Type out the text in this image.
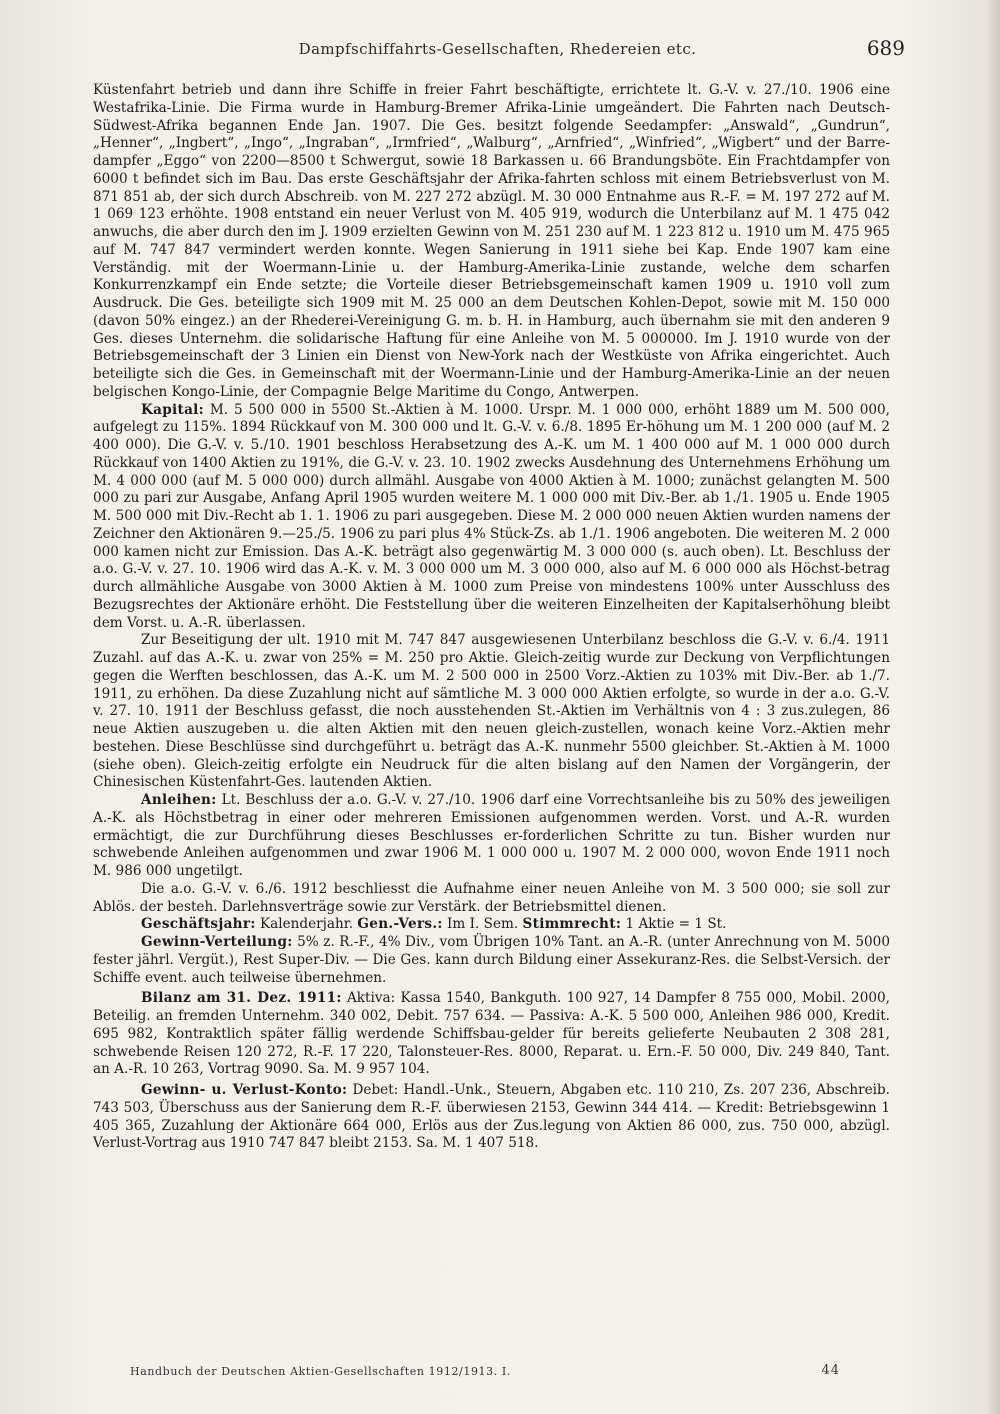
Dampfschiffahrts-Gesellschaften, Rhedereien etc.	689

Küstenfahrt betrieb und dann ihre Schiffe in freier Fahrt beschäftigte, errichtete lt. G.-V. v. 27./10. 1906 eine Westafrika-Linie. Die Firma wurde in Hamburg-Bremer Afrika-Linie umgeändert. Die Fahrten nach Deutsch-Südwest-Afrika begannen Ende Jan. 1907. Die Ges. besitzt folgende Seedampfer: „Answald“, „Gundrun“, „Henner“, „Ingbert“, „Ingo“, „Ingraban“, „Irmfried“, „Walburg“, „Arnfried“, „Winfried“, „Wigbert“ und der Barre-dampfer „Eggo“ von 2200—8500 t Schwergut, sowie 18 Barkassen u. 66 Brandungsböte. Ein Frachtdampfer von 6000 t befindet sich im Bau. Das erste Geschäftsjahr der Afrika-fahrten schloss mit einem Betriebsverlust von M. 871 851 ab, der sich durch Abschreib. von M. 227 272 abzügl. M. 30 000 Entnahme aus R.-F. = M. 197 272 auf M. 1 069 123 erhöhte. 1908 entstand ein neuer Verlust von M. 405 919, wodurch die Unterbilanz auf M. 1 475 042 anwuchs, die aber durch den im J. 1909 erzielten Gewinn von M. 251 230 auf M. 1 223 812 u. 1910 um M. 475 965 auf M. 747 847 vermindert werden konnte. Wegen Sanierung in 1911 siehe bei Kap. Ende 1907 kam eine Verständig. mit der Woermann-Linie u. der Hamburg-Amerika-Linie zustande, welche dem scharfen Konkurrenzkampf ein Ende setzte; die Vorteile dieser Betriebsgemeinschaft kamen 1909 u. 1910 voll zum Ausdruck. Die Ges. beteiligte sich 1909 mit M. 25 000 an dem Deutschen Kohlen-Depot, sowie mit M. 150 000 (davon 50% eingez.) an der Rhederei-Vereinigung G. m. b. H. in Hamburg, auch übernahm sie mit den anderen 9 Ges. dieses Unternehm. die solidarische Haftung für eine Anleihe von M. 5 000000. Im J. 1910 wurde von der Betriebsgemeinschaft der 3 Linien ein Dienst von New-York nach der Westküste von Afrika eingerichtet. Auch beteiligte sich die Ges. in Gemeinschaft mit der Woermann-Linie und der Hamburg-Amerika-Linie an der neuen belgischen Kongo-Linie, der Compagnie Belge Maritime du Congo, Antwerpen.

Kapital: M. 5 500 000 in 5500 St.-Aktien à M. 1000. Urspr. M. 1 000 000, erhöht 1889 um M. 500 000, aufgelegt zu 115%. 1894 Rückkauf von M. 300 000 und lt. G.-V. v. 6./8. 1895 Er-höhung um M. 1 200 000 (auf M. 2 400 000). Die G.-V. v. 5./10. 1901 beschloss Herabsetzung des A.-K. um M. 1 400 000 auf M. 1 000 000 durch Rückkauf von 1400 Aktien zu 191%, die G.-V. v. 23. 10. 1902 zwecks Ausdehnung des Unternehmens Erhöhung um M. 4 000 000 (auf M. 5 000 000) durch allmähl. Ausgabe von 4000 Aktien à M. 1000; zunächst gelangten M. 500 000 zu pari zur Ausgabe, Anfang April 1905 wurden weitere M. 1 000 000 mit Div.-Ber. ab 1./1. 1905 u. Ende 1905 M. 500 000 mit Div.-Recht ab 1. 1. 1906 zu pari ausgegeben. Diese M. 2 000 000 neuen Aktien wurden namens der Zeichner den Aktionären 9.—25./5. 1906 zu pari plus 4% Stück-Zs. ab 1./1. 1906 angeboten. Die weiteren M. 2 000 000 kamen nicht zur Emission. Das A.-K. beträgt also gegenwärtig M. 3 000 000 (s. auch oben). Lt. Beschluss der a.o. G.-V. v. 27. 10. 1906 wird das A.-K. v. M. 3 000 000 um M. 3 000 000, also auf M. 6 000 000 als Höchst-betrag durch allmähliche Ausgabe von 3000 Aktien à M. 1000 zum Preise von mindestens 100% unter Ausschluss des Bezugsrechtes der Aktionäre erhöht. Die Feststellung über die weiteren Einzelheiten der Kapitalserhöhung bleibt dem Vorst. u. A.-R. überlassen.

Zur Beseitigung der ult. 1910 mit M. 747 847 ausgewiesenen Unterbilanz beschloss die G.-V. v. 6./4. 1911 Zuzahl. auf das A.-K. u. zwar von 25% = M. 250 pro Aktie. Gleich-zeitig wurde zur Deckung von Verpflichtungen gegen die Werften beschlossen, das A.-K. um M. 2 500 000 in 2500 Vorz.-Aktien zu 103% mit Div.-Ber. ab 1./7. 1911, zu erhöhen. Da diese Zuzahlung nicht auf sämtliche M. 3 000 000 Aktien erfolgte, so wurde in der a.o. G.-V. v. 27. 10. 1911 der Beschluss gefasst, die noch ausstehenden St.-Aktien im Verhältnis von 4 : 3 zus.zulegen, 86 neue Aktien auszugeben u. die alten Aktien mit den neuen gleich-zustellen, wonach keine Vorz.-Aktien mehr bestehen. Diese Beschlüsse sind durchgeführt u. beträgt das A.-K. nunmehr 5500 gleichber. St.-Aktien à M. 1000 (siehe oben). Gleich-zeitig erfolgte ein Neudruck für die alten bislang auf den Namen der Vorgängerin, der Chinesischen Küstenfahrt-Ges. lautenden Aktien.

Anleihen: Lt. Beschluss der a.o. G.-V. v. 27./10. 1906 darf eine Vorrechtsanleihe bis zu 50% des jeweiligen A.-K. als Höchstbetrag in einer oder mehreren Emissionen aufgenommen werden. Vorst. und A.-R. wurden ermächtigt, die zur Durchführung dieses Beschlusses er-forderlichen Schritte zu tun. Bisher wurden nur schwebende Anleihen aufgenommen und zwar 1906 M. 1 000 000 u. 1907 M. 2 000 000, wovon Ende 1911 noch M. 986 000 ungetilgt.

Die a.o. G.-V. v. 6./6. 1912 beschliesst die Aufnahme einer neuen Anleihe von M. 3 500 000; sie soll zur Ablös. der besteh. Darlehnsverträge sowie zur Verstärk. der Betriebsmittel dienen.

Geschäftsjahr: Kalenderjahr. Gen.-Vers.: Im I. Sem. Stimmrecht: 1 Aktie = 1 St.

Gewinn-Verteilung: 5% z. R.-F., 4% Div., vom Übrigen 10% Tant. an A.-R. (unter Anrechnung von M. 5000 fester jährl. Vergüt.), Rest Super-Div. — Die Ges. kann durch Bildung einer Assekuranz-Res. die Selbst-Versich. der Schiffe event. auch teilweise übernehmen.

Bilanz am 31. Dez. 1911: Aktiva: Kassa 1540, Bankguth. 100 927, 14 Dampfer 8 755 000, Mobil. 2000, Beteilig. an fremden Unternehm. 340 002, Debit. 757 634. — Passiva: A.-K. 5 500 000, Anleihen 986 000, Kredit. 695 982, Kontraktlich später fällig werdende Schiffsbau-gelder für bereits gelieferte Neubauten 2 308 281, schwebende Reisen 120 272, R.-F. 17 220, Talonsteuer-Res. 8000, Reparat. u. Ern.-F. 50 000, Div. 249 840, Tant. an A.-R. 10 263, Vortrag 9090. Sa. M. 9 957 104.

Gewinn- u. Verlust-Konto: Debet: Handl.-Unk., Steuern, Abgaben etc. 110 210, Zs. 207 236, Abschreib. 743 503, Überschuss aus der Sanierung dem R.-F. überwiesen 2153, Gewinn 344 414. — Kredit: Betriebsgewinn 1 405 365, Zuzahlung der Aktionäre 664 000, Erlös aus der Zus.legung von Aktien 86 000, zus. 750 000, abzügl. Verlust-Vortrag aus 1910 747 847 bleibt 2153. Sa. M. 1 407 518.

Handbuch der Deutschen Aktien-Gesellschaften 1912/1913. I.	44
